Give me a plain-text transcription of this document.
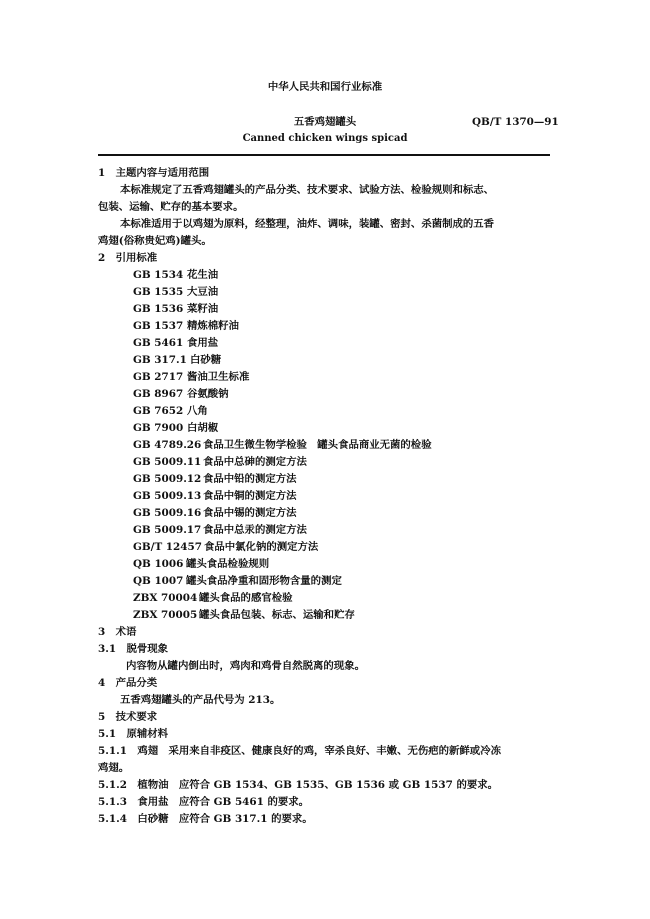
中华人民共和国行业标准
五香鸡翅罐头	QB/T 1370—91
Canned chicken wings spicad
1　主题内容与适用范围
本标准规定了五香鸡翅罐头的产品分类、技术要求、试验方法、检验规则和标志、
包装、运输、贮存的基本要求。
本标准适用于以鸡翅为原料，经整理，油炸、调味，装罐、密封、杀菌制成的五香
鸡翅(俗称贵妃鸡)罐头。
2　引用标准
GB 1534 花生油
GB 1535 大豆油
GB 1536 菜籽油
GB 1537 精炼棉籽油
GB 5461 食用盐
GB 317.1 白砂糖
GB 2717 酱油卫生标准
GB 8967 谷氨酸钠
GB 7652 八角
GB 7900 白胡椒
GB 4789.26 食品卫生微生物学检验　罐头食品商业无菌的检验
GB 5009.11 食品中总砷的测定方法
GB 5009.12 食品中铅的测定方法
GB 5009.13 食品中铜的测定方法
GB 5009.16 食品中锡的测定方法
GB 5009.17 食品中总汞的测定方法
GB/T 12457 食品中氯化钠的测定方法
QB 1006 罐头食品检验规则
QB 1007 罐头食品净重和固形物含量的测定
ZBX 70004 罐头食品的感官检验
ZBX 70005 罐头食品包装、标志、运输和贮存
3　术语
3.1　脱骨现象
内容物从罐内倒出时，鸡肉和鸡骨自然脱离的现象。
4　产品分类
五香鸡翅罐头的产品代号为 213。
5　技术要求
5.1　原辅材料
5.1.1　鸡翅　采用来自非疫区、健康良好的鸡，宰杀良好、丰嫩、无伤疤的新鲜或冷冻
鸡翅。
5.1.2　植物油　应符合 GB 1534、GB 1535、GB 1536 或 GB 1537 的要求。
5.1.3　食用盐　应符合 GB 5461 的要求。
5.1.4　白砂糖　应符合 GB 317.1 的要求。
